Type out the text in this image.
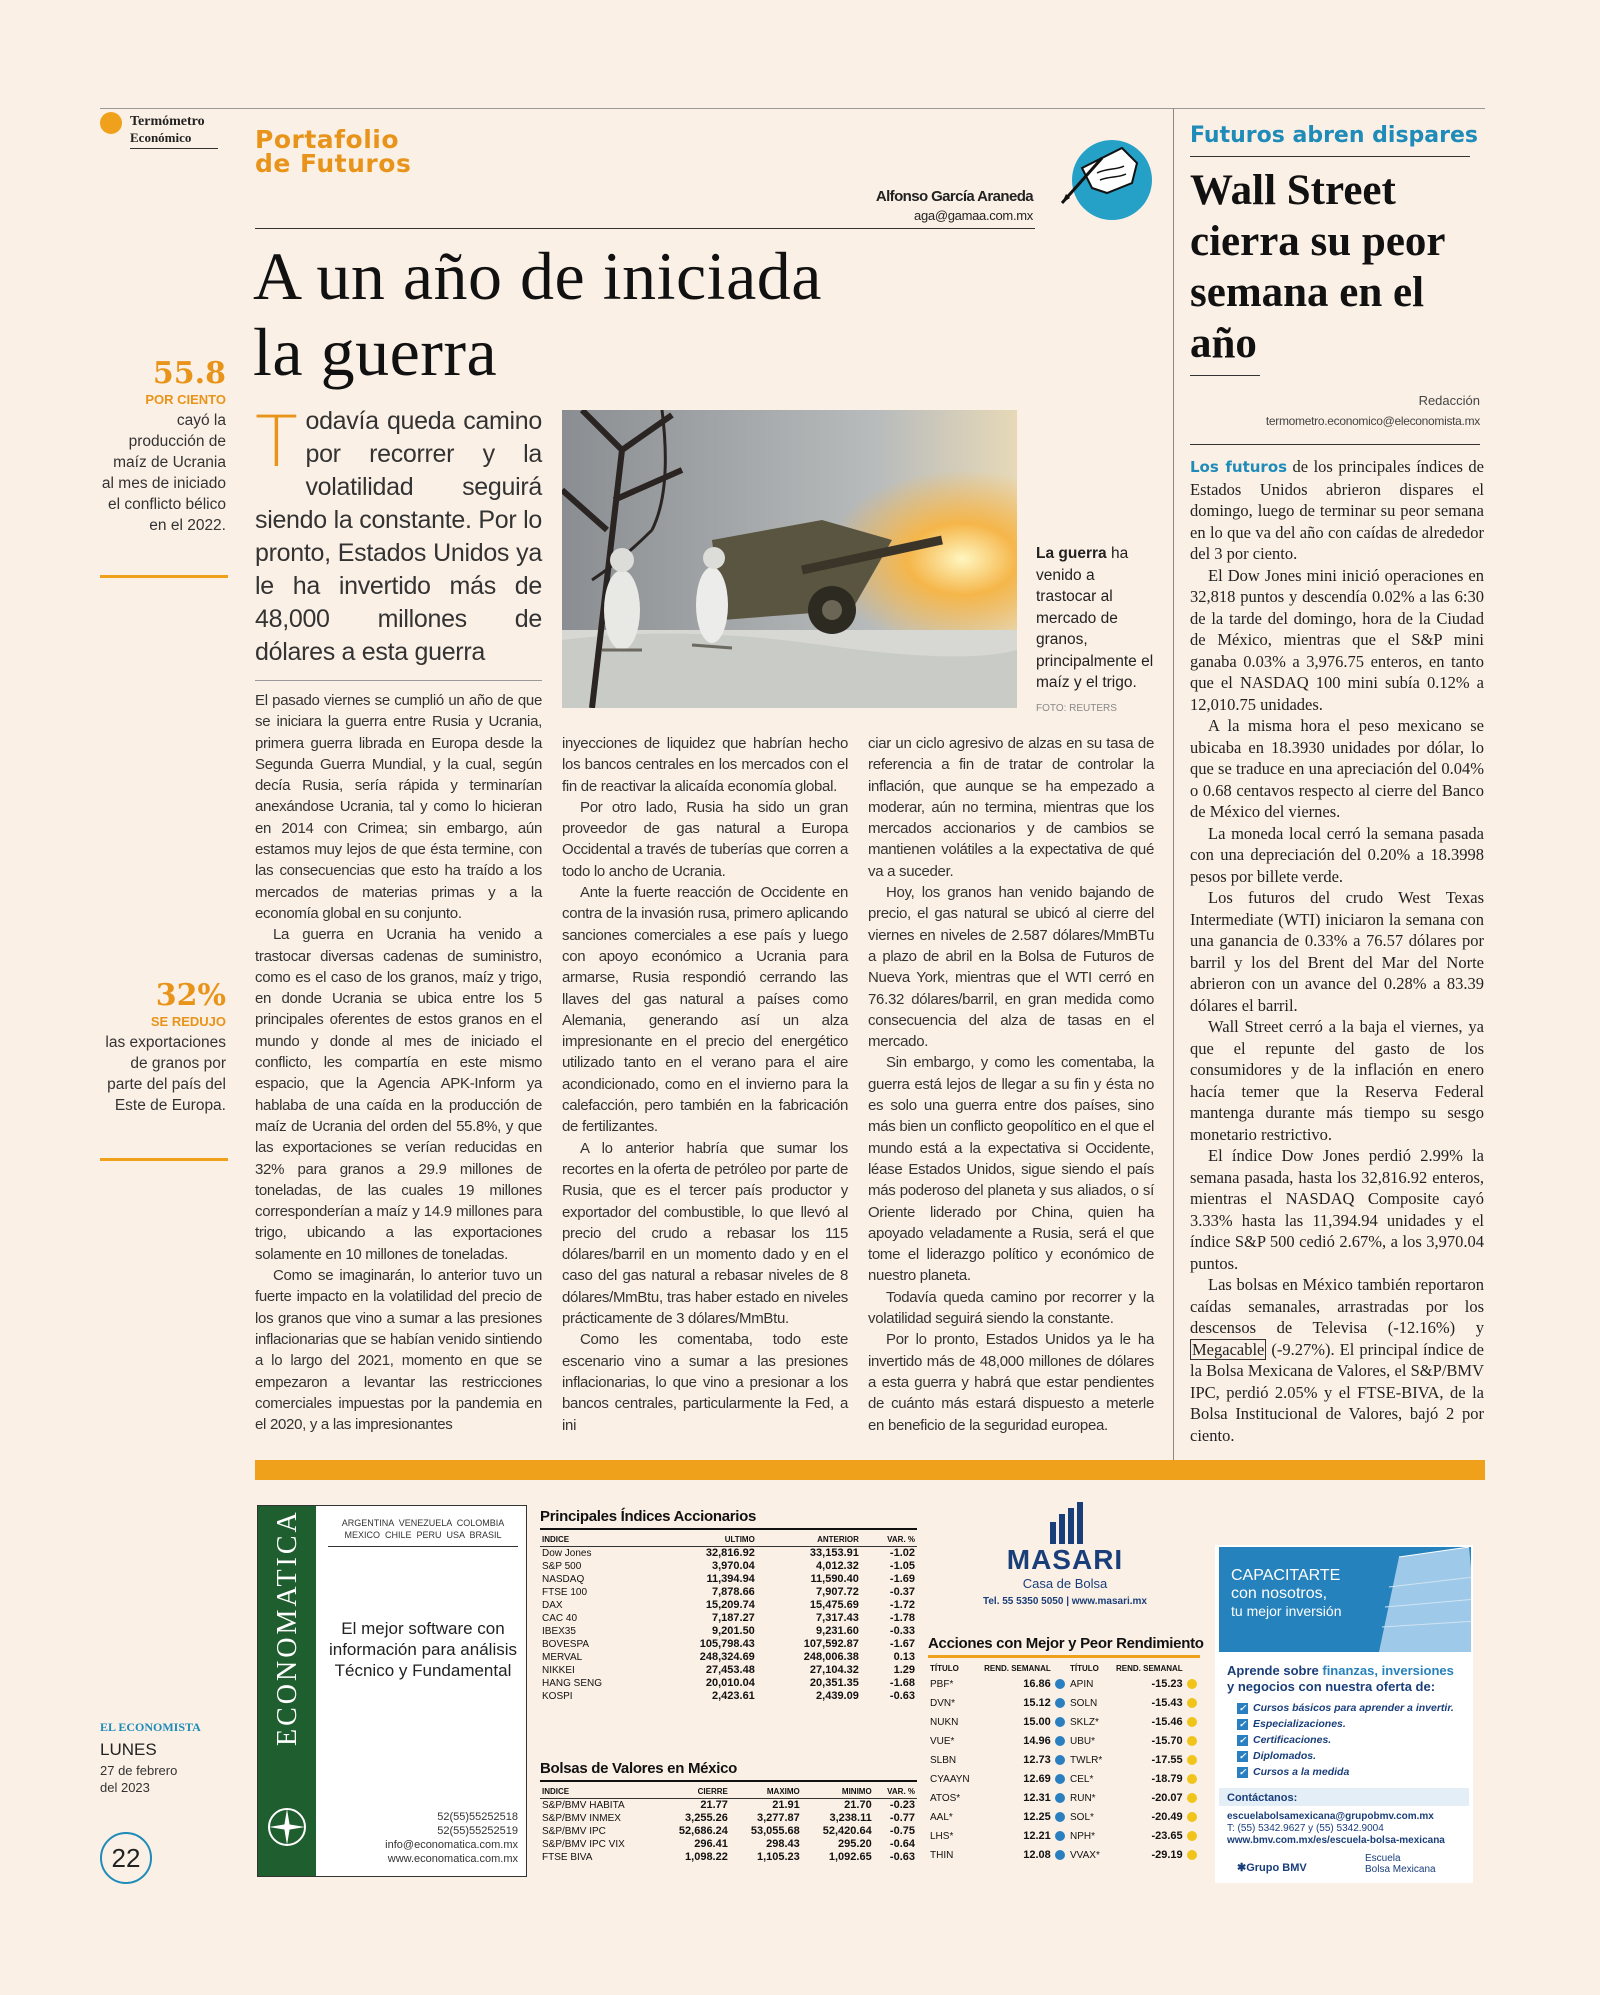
Termómetro
Económico	Portafolio
de Futuros
Alfonso García Araneda
aga@gamaa.com.mx
A un año de iniciada
la guerra
55.8
POR CIENTO
cayó la producción de maíz de Ucrania al mes de iniciado el conflicto bélico en el 2022.
32%
SE REDUJO
las exportaciones de granos por parte del país del Este de Europa.
Todavía queda camino por recorrer y la volatilidad seguirá siendo la constante. Por lo pronto, Estados Unidos ya le ha invertido más de 48,000 millones de dólares a esta guerra
La guerra ha venido a trastocar al mercado de granos, principalmente el maíz y el trigo. FOTO: REUTERS

El pasado viernes se cumplió un año de que se iniciara la guerra entre Rusia y Ucrania, primera guerra librada en Europa desde la Segunda Guerra Mundial, y la cual, según decía Rusia, sería rápida y terminarían anexándose Ucrania, tal y como lo hicieran en 2014 con Crimea; sin embargo, aún estamos muy lejos de que ésta termine, con las consecuencias que esto ha traído a los mercados de materias primas y a la economía global en su conjunto.

La guerra en Ucrania ha venido a trastocar diversas cadenas de suministro, como es el caso de los granos, maíz y trigo, en donde Ucrania se ubica entre los 5 principales oferentes de estos granos en el mundo y donde al mes de iniciado el conflicto, les compartía en este mismo espacio, que la Agencia APK-Inform ya hablaba de una caída en la producción de maíz de Ucrania del orden del 55.8%, y que las exportaciones se verían reducidas en 32% para granos a 29.9 millones de toneladas, de las cuales 19 millones corresponderían a maíz y 14.9 millones para trigo, ubicando a las exportaciones solamente en 10 millones de toneladas.

Como se imaginarán, lo anterior tuvo un fuerte impacto en la volatilidad del precio de los granos que vino a sumar a las presiones inflacionarias que se habían venido sintiendo a lo largo del 2021, momento en que se empezaron a levantar las restricciones comerciales impuestas por la pandemia en el 2020, y a las impresionantes

inyecciones de liquidez que habrían hecho los bancos centrales en los mercados con el fin de reactivar la alicaída economía global.

Por otro lado, Rusia ha sido un gran proveedor de gas natural a Europa Occidental a través de tuberías que corren a todo lo ancho de Ucrania.

Ante la fuerte reacción de Occidente en contra de la invasión rusa, primero aplicando sanciones comerciales a ese país y luego con apoyo económico a Ucrania para armarse, Rusia respondió cerrando las llaves del gas natural a países como Alemania, generando así un alza impresionante en el precio del energético utilizado tanto en el verano para el aire acondicionado, como en el invierno para la calefacción, pero también en la fabricación de fertilizantes.

A lo anterior habría que sumar los recortes en la oferta de petróleo por parte de Rusia, que es el tercer país productor y exportador del combustible, lo que llevó al precio del crudo a rebasar los 115 dólares/barril en un momento dado y en el caso del gas natural a rebasar niveles de 8 dólares/MmBtu, tras haber estado en niveles prácticamente de 3 dólares/MmBtu.

Como les comentaba, todo este escenario vino a sumar a las presiones inflacionarias, lo que vino a presionar a los bancos centrales, particularmente la Fed, a ini

ciar un ciclo agresivo de alzas en su tasa de referencia a fin de tratar de controlar la inflación, que aunque se ha empezado a moderar, aún no termina, mientras que los mercados accionarios y de cambios se mantienen volátiles a la expectativa de qué va a suceder.

Hoy, los granos han venido bajando de precio, el gas natural se ubicó al cierre del viernes en niveles de 2.587 dólares/MmBTu a plazo de abril en la Bolsa de Futuros de Nueva York, mientras que el WTI cerró en 76.32 dólares/barril, en gran medida como consecuencia del alza de tasas en el mercado.

Sin embargo, y como les comentaba, la guerra está lejos de llegar a su fin y ésta no es solo una guerra entre dos países, sino más bien un conflicto geopolítico en el que el mundo está a la expectativa si Occidente, léase Estados Unidos, sigue siendo el país más poderoso del planeta y sus aliados, o sí Oriente liderado por China, quien ha apoyado veladamente a Rusia, será el que tome el liderazgo político y económico de nuestro planeta.

Todavía queda camino por recorrer y la volatilidad seguirá siendo la constante.

Por lo pronto, Estados Unidos ya le ha invertido más de 48,000 millones de dólares a esta guerra y habrá que estar pendientes de cuánto más estará dispuesto a meterle en beneficio de la seguridad europea.

Futuros abren dispares
Wall Street cierra su peor semana en el año
Redacción
termometro.economico@eleconomista.mx

Los futuros de los principales índices de Estados Unidos abrieron dispares el domingo, luego de terminar su peor semana en lo que va del año con caídas de alrededor del 3 por ciento.

El Dow Jones mini inició operaciones en 32,818 puntos y descendía 0.02% a las 6:30 de la tarde del domingo, hora de la Ciudad de México, mientras que el S&P mini ganaba 0.03% a 3,976.75 enteros, en tanto que el NASDAQ 100 mini subía 0.12% a 12,010.75 unidades.

A la misma hora el peso mexicano se ubicaba en 18.3930 unidades por dólar, lo que se traduce en una apreciación del 0.04% o 0.68 centavos respecto al cierre del Banco de México del viernes.

La moneda local cerró la semana pasada con una depreciación del 0.20% a 18.3998 pesos por billete verde.

Los futuros del crudo West Texas Intermediate (WTI) iniciaron la semana con una ganancia de 0.33% a 76.57 dólares por barril y los del Brent del Mar del Norte abrieron con un avance del 0.28% a 83.39 dólares el barril.

Wall Street cerró a la baja el viernes, ya que el repunte del gasto de los consumidores y de la inflación en enero hacía temer que la Reserva Federal mantenga durante más tiempo su sesgo monetario restrictivo.

El índice Dow Jones perdió 2.99% la semana pasada, hasta los 32,816.92 enteros, mientras el NASDAQ Composite cayó 3.33% hasta las 11,394.94 unidades y el índice S&P 500 cedió 2.67%, a los 3,970.04 puntos.

Las bolsas en México también reportaron caídas semanales, arrastradas por los descensos de Televisa (-12.16%) y Megacable (-9.27%). El principal índice de la Bolsa Mexicana de Valores, el S&P/BMV IPC, perdió 2.05% y el FTSE-BIVA, de la Bolsa Institucional de Valores, bajó 2 por ciento.

EL ECONOMISTA
LUNES
27 de febrero
del 2023
22
ECONOMATICA	ARGENTINA  VENEZUELA  COLOMBIA
MEXICO  CHILE  PERU  USA  BRASIL
El mejor software con información para análisis Técnico y Fundamental
52(55)55252518
52(55)55252519
info@economatica.com.mx
www.economatica.com.mx
Principales Índices Accionarios
INDICE	ULTIMO	ANTERIOR	VAR. %
Dow Jones	32,816.92	33,153.91	-1.02
S&P 500	3,970.04	4,012.32	-1.05
NASDAQ	11,394.94	11,590.40	-1.69
FTSE 100	7,878.66	7,907.72	-0.37
DAX	15,209.74	15,475.69	-1.72
CAC 40	7,187.27	7,317.43	-1.78
IBEX35	9,201.50	9,231.60	-0.33
BOVESPA	105,798.43	107,592.87	-1.67
MERVAL	248,324.69	248,006.38	0.13
NIKKEI	27,453.48	27,104.32	1.29
HANG SENG	20,010.04	20,351.35	-1.68
KOSPI	2,423.61	2,439.09	-0.63
Bolsas de Valores en México
INDICE	CIERRE	MAXIMO	MINIMO	VAR. %
S&P/BMV HABITA	21.77	21.91	21.70	-0.23
S&P/BMV INMEX	3,255.26	3,277.87	3,238.11	-0.77
S&P/BMV IPC	52,686.24	53,055.68	52,420.64	-0.75
S&P/BMV IPC VIX	296.41	298.43	295.20	-0.64
FTSE BIVA	1,098.22	1,105.23	1,092.65	-0.63
MASARI
Casa de Bolsa
Tel. 55 5350 5050 | www.masari.mx
Acciones con Mejor y Peor Rendimiento
TÍTULO	REND. SEMANAL		TÍTULO	REND. SEMANAL	
PBF*	16.86		APIN	-15.23	
DVN*	15.12		SOLN	-15.43	
NUKN	15.00		SKLZ*	-15.46	
VUE*	14.96		UBU*	-15.70	
SLBN	12.73		TWLR*	-17.55	
CYAAYN	12.69		CEL*	-18.79	
ATOS*	12.31		RUN*	-20.07	
AAL*	12.25		SOL*	-20.49	
LHS*	12.21		NPH*	-23.65	
THIN	12.08		VVAX*	-29.19	
CAPACITARTE
con nosotros,
tu mejor inversión
Aprende sobre finanzas, inversiones
y negocios con nuestra oferta de:
✓ Cursos básicos para aprender a invertir.
✓ Especializaciones.
✓ Certificaciones.
✓ Diplomados.
✓ Cursos a la medida
Contáctanos:
escuelabolsamexicana@grupobmv.com.mx
T: (55) 5342.9627 y (55) 5342.9004
www.bmv.com.mx/es/escuela-bolsa-mexicana
✱Grupo BMV
Escuela
Bolsa Mexicana
